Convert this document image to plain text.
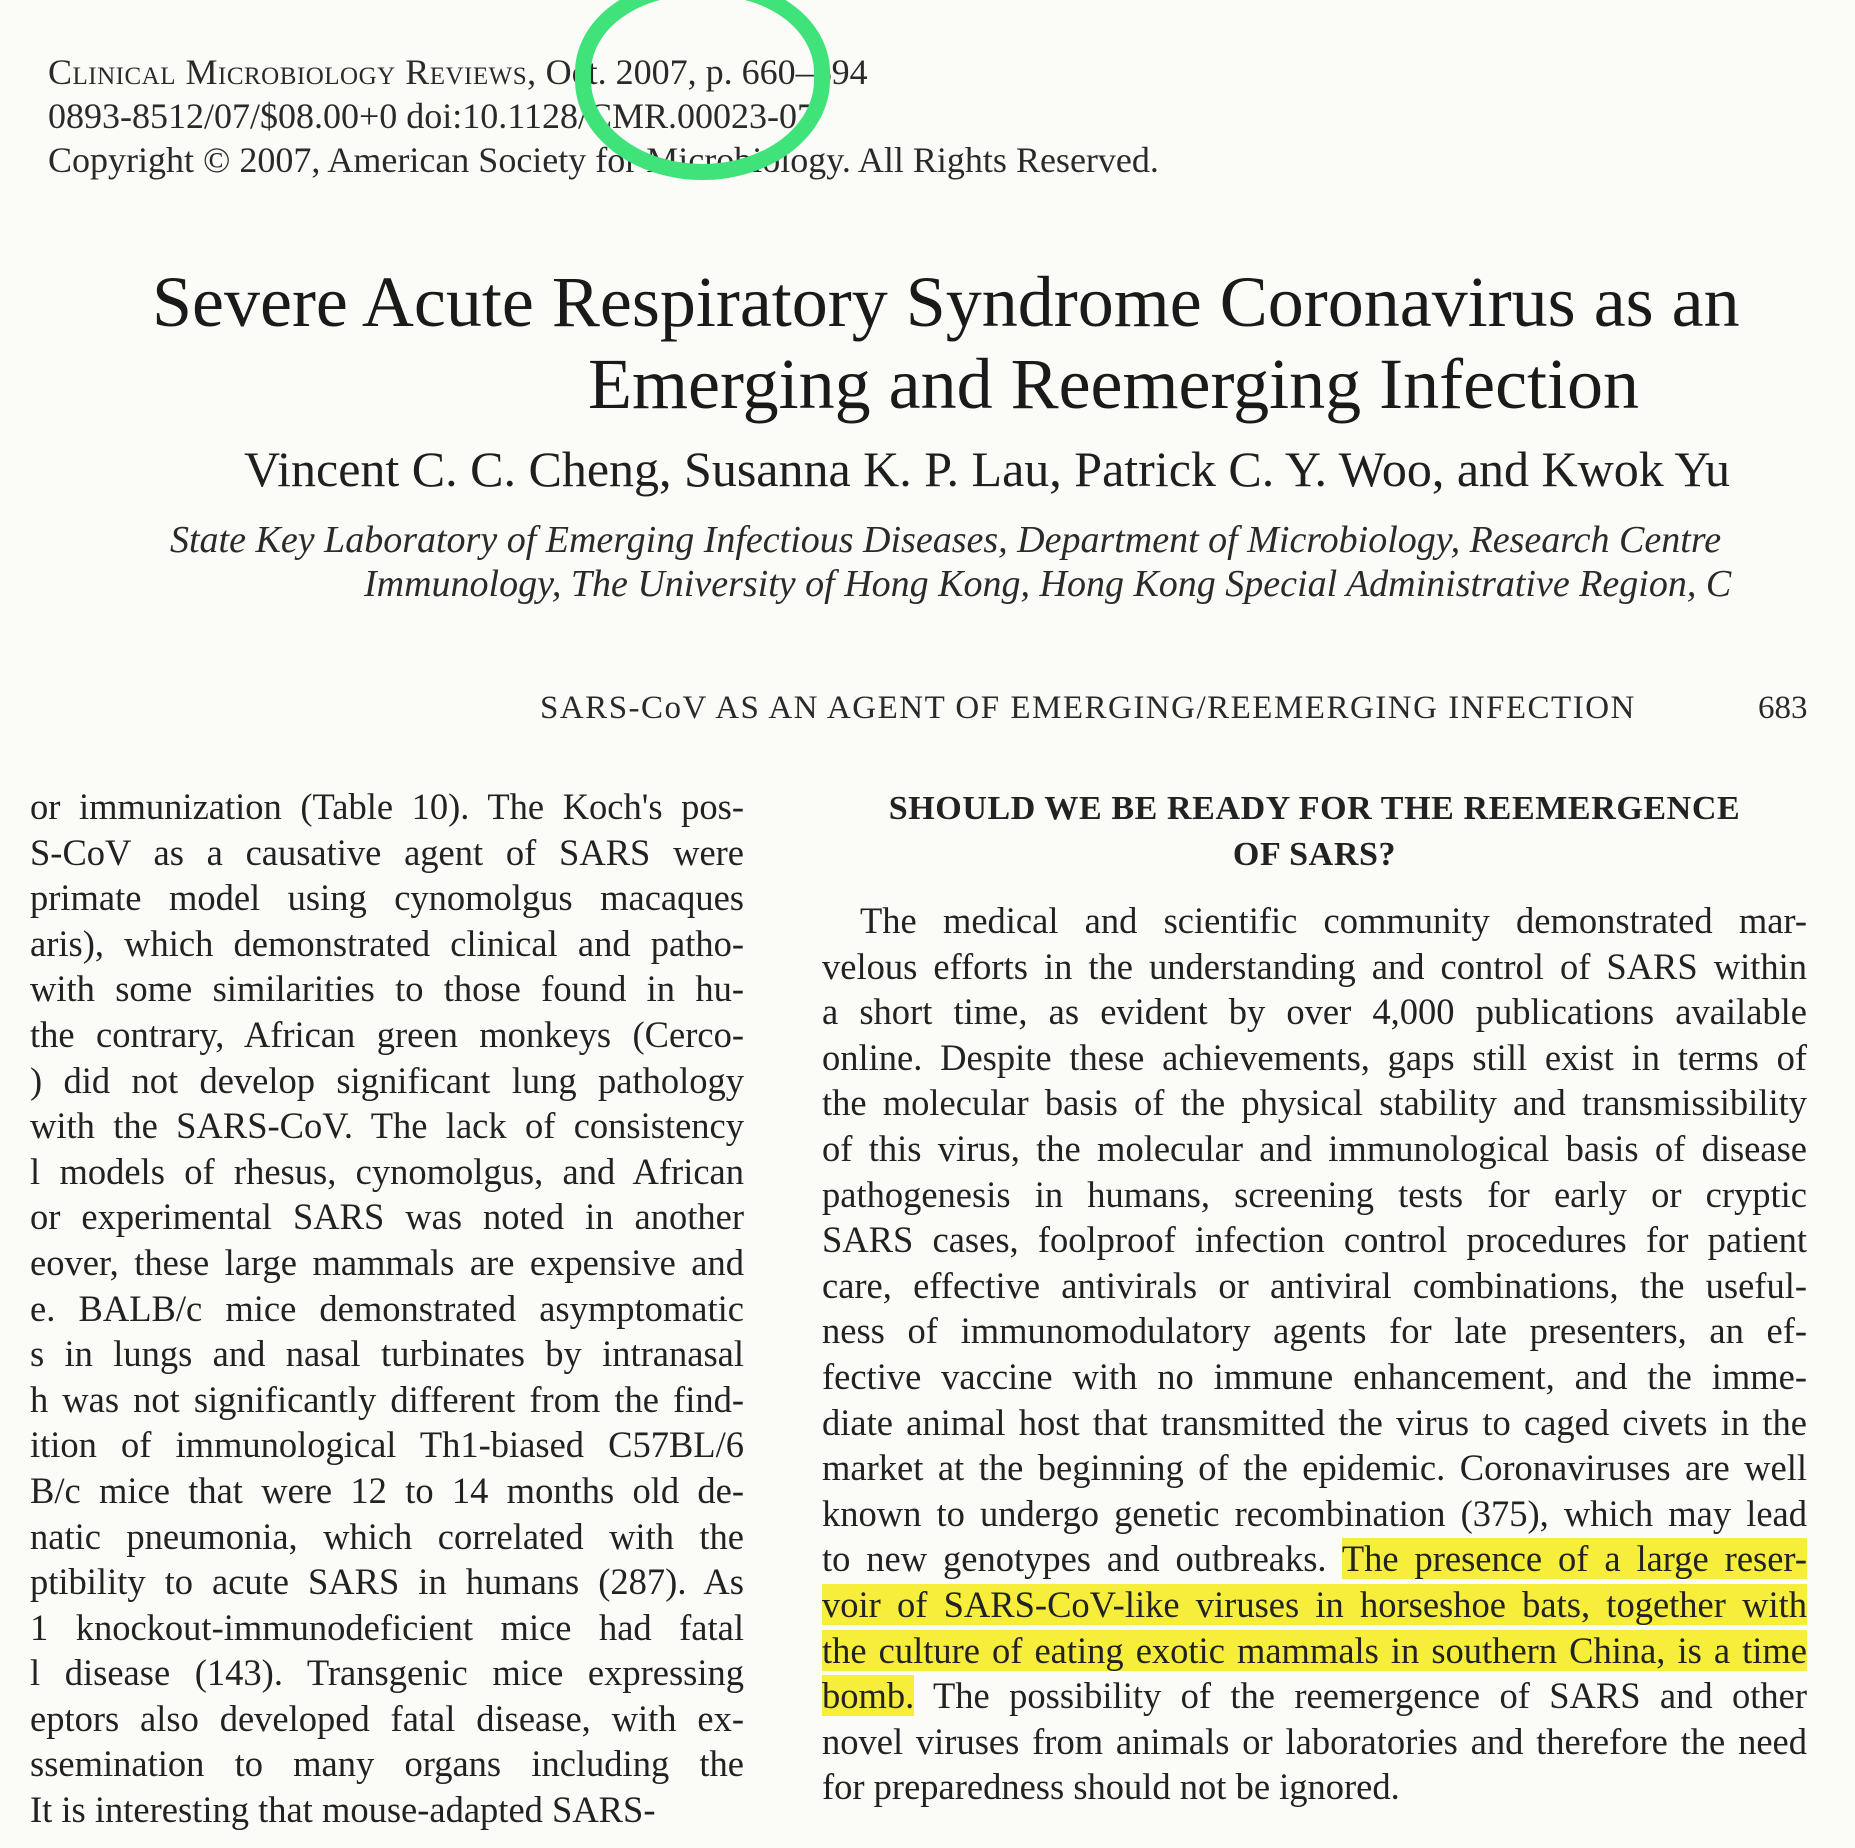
Clinical Microbiology Reviews, Oct. 2007, p. 660–694
0893-8512/07/$08.00+0 doi:10.1128/CMR.00023-07
Copyright © 2007, American Society for Microbiology. All Rights Reserved.
Severe Acute Respiratory Syndrome Coronavirus as an
Emerging and Reemerging Infection
Vincent C. C. Cheng, Susanna K. P. Lau, Patrick C. Y. Woo, and Kwok Yu
State Key Laboratory of Emerging Infectious Diseases, Department of Microbiology, Research Centre
Immunology, The University of Hong Kong, Hong Kong Special Administrative Region, C
SARS-CoV AS AN AGENT OF EMERGING/REEMERGING INFECTION	683
or immunization (Table 10). The Koch's pos-
S-CoV as a causative agent of SARS were
primate model using cynomolgus macaques
aris), which demonstrated clinical and patho-
with some similarities to those found in hu-
the contrary, African green monkeys (Cerco-
) did not develop significant lung pathology
with the SARS-CoV. The lack of consistency
l models of rhesus, cynomolgus, and African
or experimental SARS was noted in another
eover, these large mammals are expensive and
e. BALB/c mice demonstrated asymptomatic
s in lungs and nasal turbinates by intranasal
h was not significantly different from the find-
ition of immunological Th1-biased C57BL/6
B/c mice that were 12 to 14 months old de-
natic pneumonia, which correlated with the
ptibility to acute SARS in humans (287). As
1 knockout-immunodeficient mice had fatal
l disease (143). Transgenic mice expressing
eptors also developed fatal disease, with ex-
ssemination to many organs including the
It is interesting that mouse-adapted SARS-
SHOULD WE BE READY FOR THE REEMERGENCE
OF SARS?
The medical and scientific community demonstrated mar-
velous efforts in the understanding and control of SARS within
a short time, as evident by over 4,000 publications available
online. Despite these achievements, gaps still exist in terms of
the molecular basis of the physical stability and transmissibility
of this virus, the molecular and immunological basis of disease
pathogenesis in humans, screening tests for early or cryptic
SARS cases, foolproof infection control procedures for patient
care, effective antivirals or antiviral combinations, the useful-
ness of immunomodulatory agents for late presenters, an ef-
fective vaccine with no immune enhancement, and the imme-
diate animal host that transmitted the virus to caged civets in the
market at the beginning of the epidemic. Coronaviruses are well
known to undergo genetic recombination (375), which may lead
to new genotypes and outbreaks. The presence of a large reser-
voir of SARS-CoV-like viruses in horseshoe bats, together with
the culture of eating exotic mammals in southern China, is a time
bomb. The possibility of the reemergence of SARS and other
novel viruses from animals or laboratories and therefore the need
for preparedness should not be ignored.
